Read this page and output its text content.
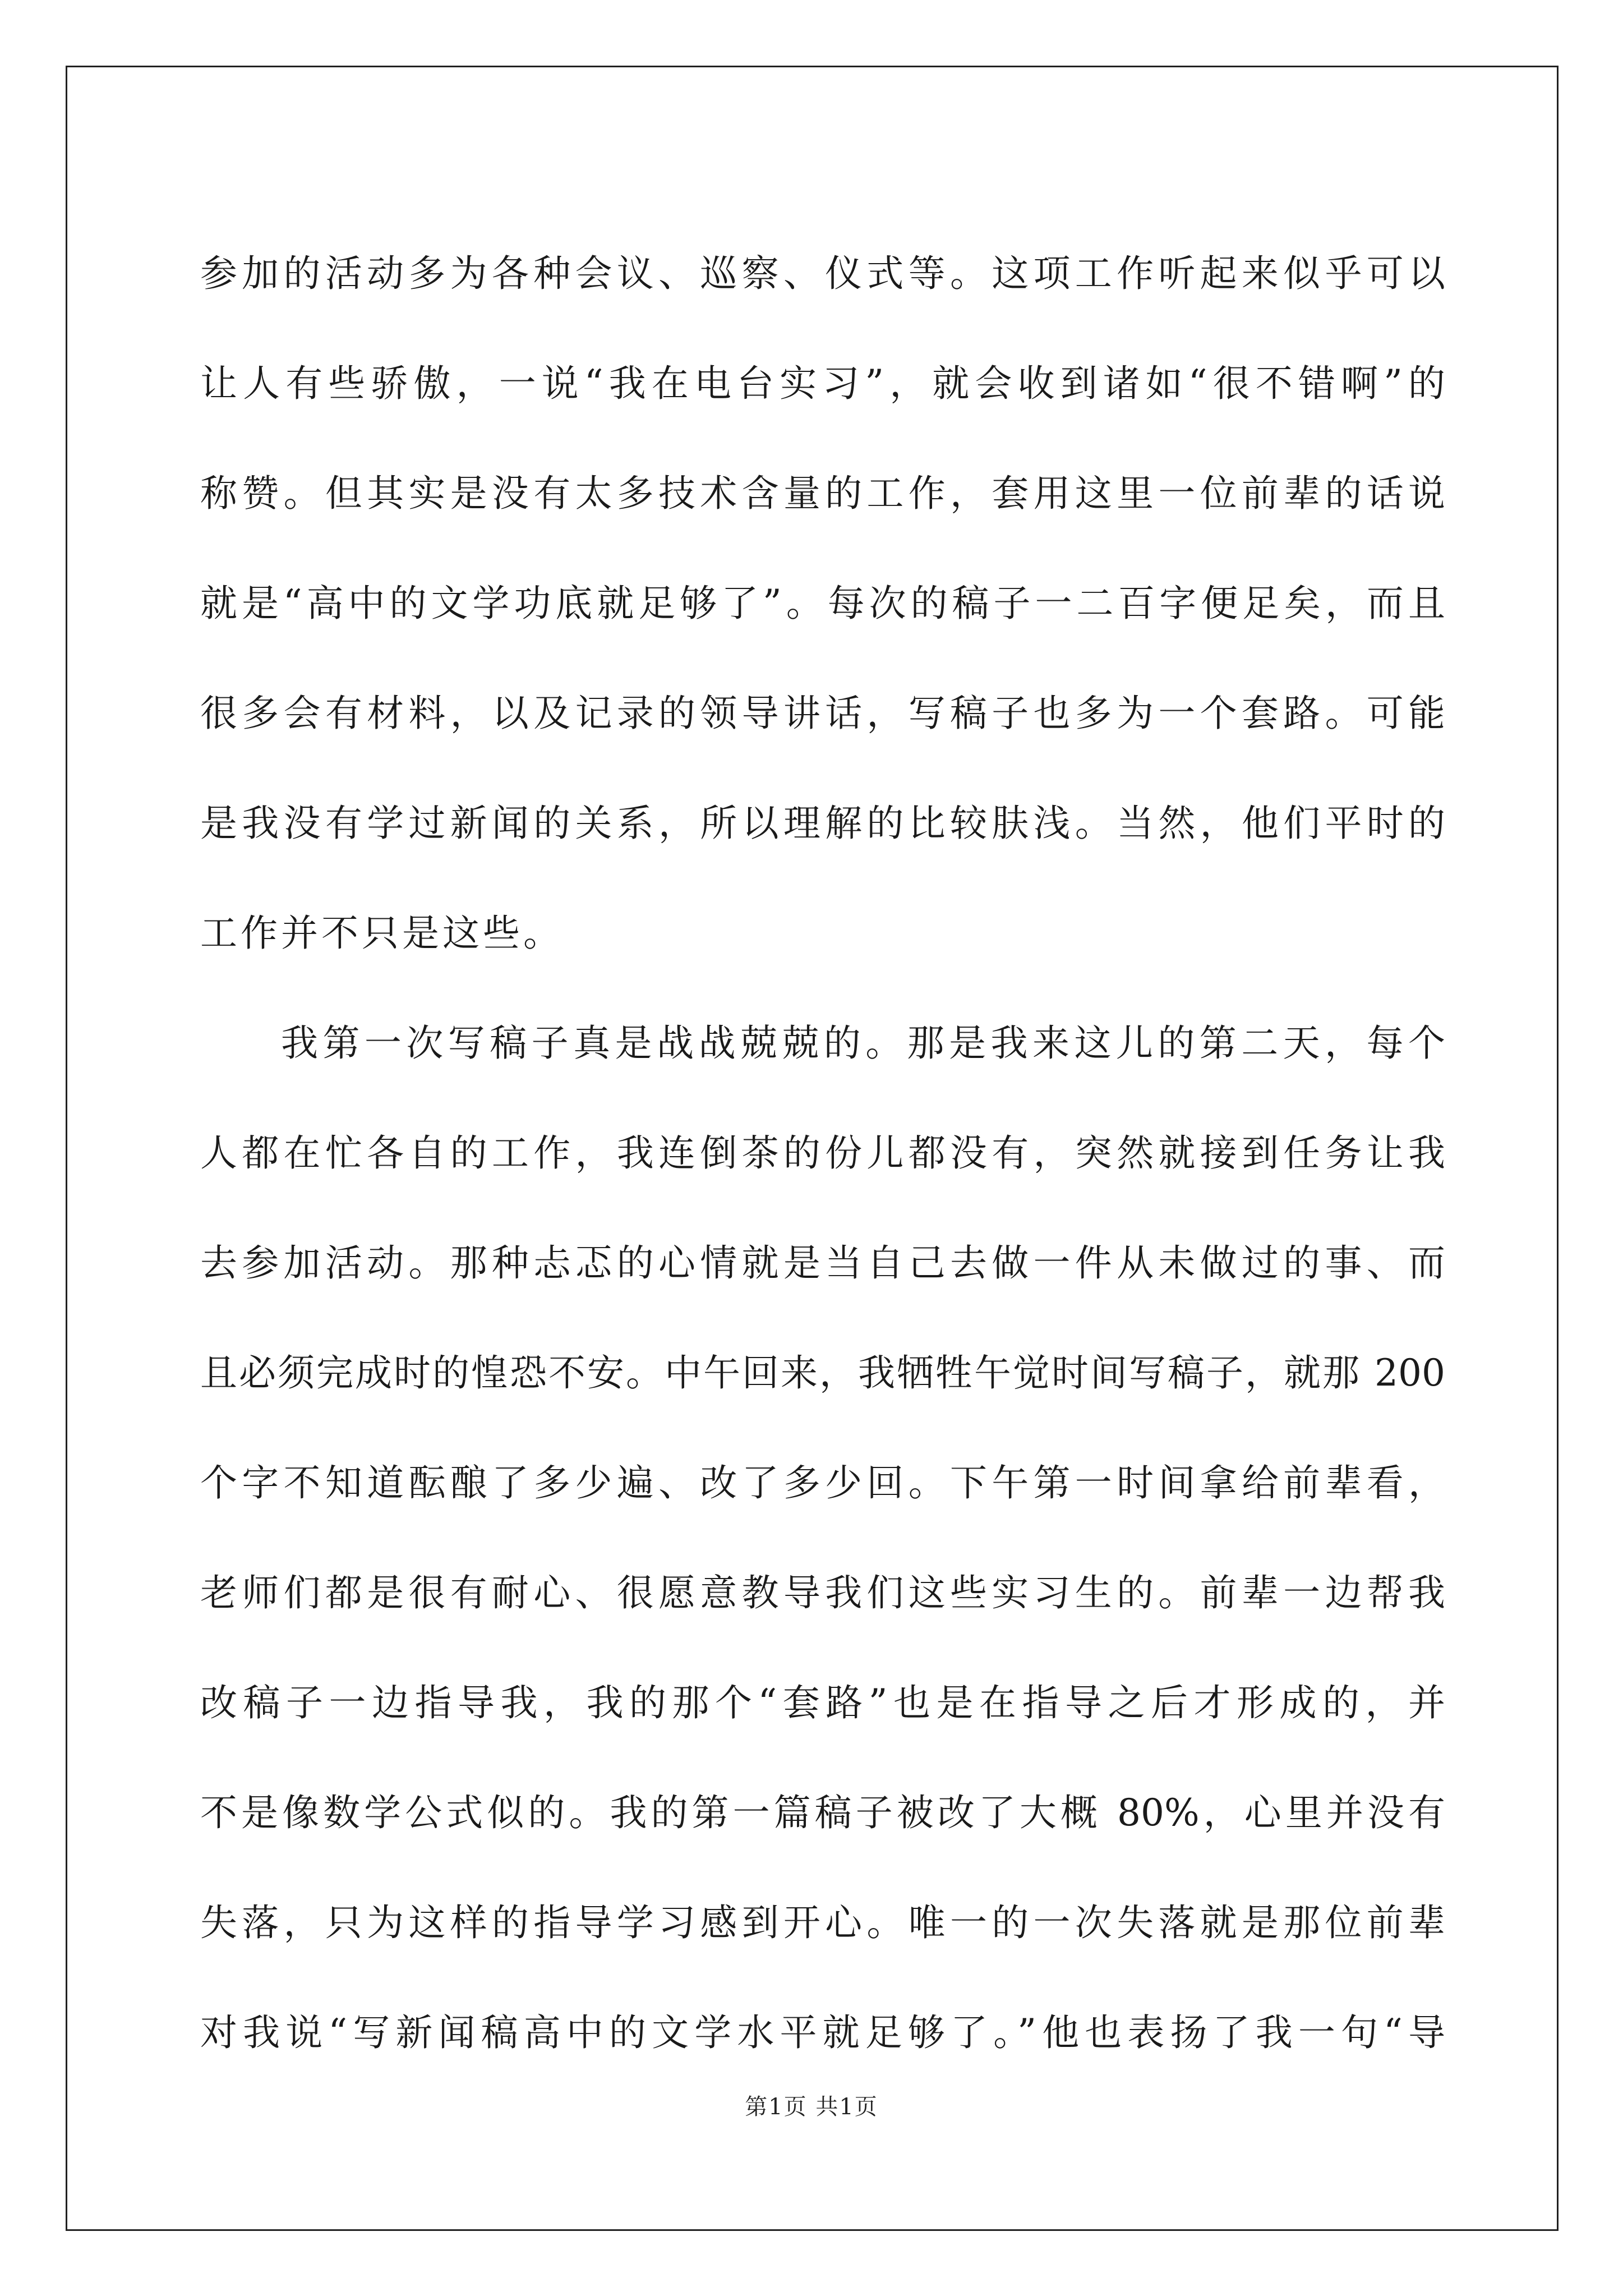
参加的活动多为各种会议、巡察、仪式等。这项工作听起来似乎可以
让人有些骄傲，一说“我在电台实习”，就会收到诸如“很不错啊”的
称赞。但其实是没有太多技术含量的工作，套用这里一位前辈的话说
就是“高中的文学功底就足够了”。每次的稿子一二百字便足矣，而且
很多会有材料，以及记录的领导讲话，写稿子也多为一个套路。可能
是我没有学过新闻的关系，所以理解的比较肤浅。当然，他们平时的
工作并不只是这些。
我第一次写稿子真是战战兢兢的。那是我来这儿的第二天，每个
人都在忙各自的工作，我连倒茶的份儿都没有，突然就接到任务让我
去参加活动。那种忐忑的心情就是当自己去做一件从未做过的事、而
且必须完成时的惶恐不安。中午回来，我牺牲午觉时间写稿子，就那 200
个字不知道酝酿了多少遍、改了多少回。下午第一时间拿给前辈看，
老师们都是很有耐心、很愿意教导我们这些实习生的。前辈一边帮我
改稿子一边指导我，我的那个“套路”也是在指导之后才形成的，并
不是像数学公式似的。我的第一篇稿子被改了大概 80%，心里并没有
失落，只为这样的指导学习感到开心。唯一的一次失落就是那位前辈
对我说“写新闻稿高中的文学水平就足够了。”他也表扬了我一句“导
第1页 共1页
